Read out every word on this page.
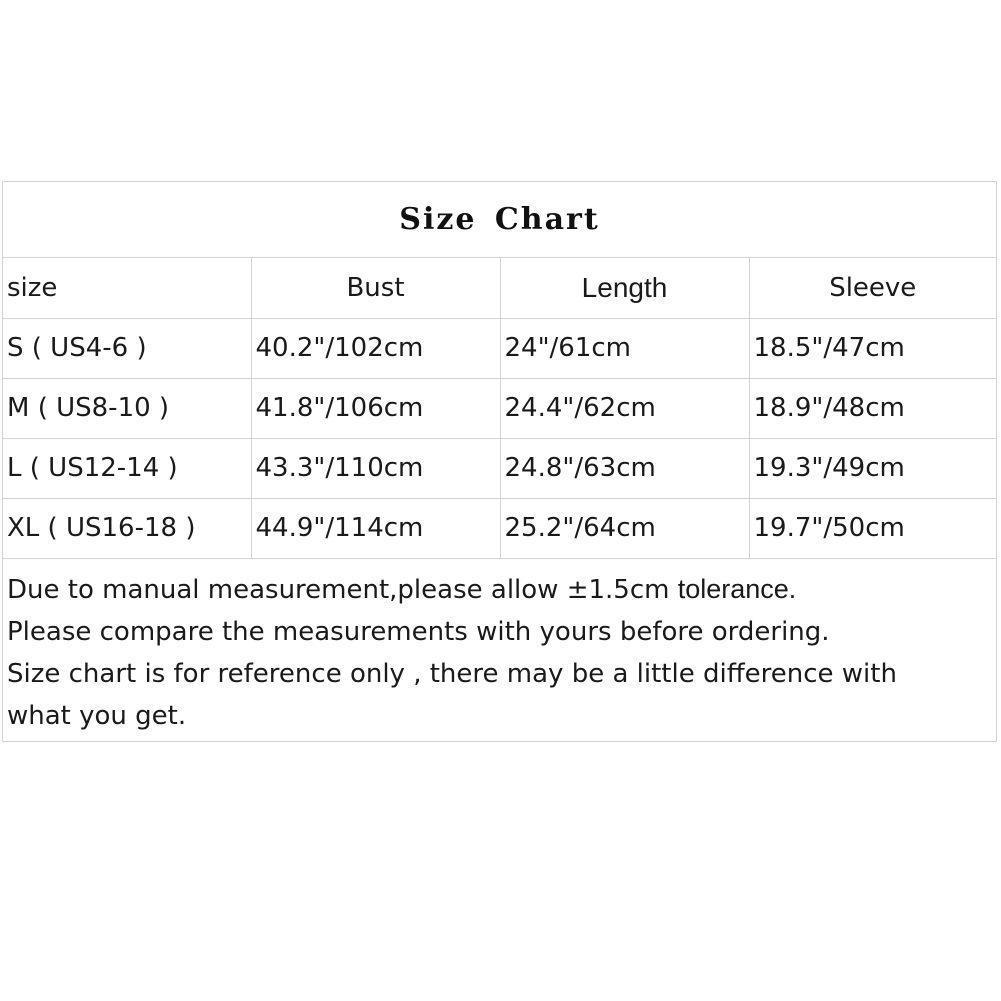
Size Chart
size	Bust	Length	Sleeve
S ( US4-6 )	40.2"/102cm	24"/61cm	18.5"/47cm
M ( US8-10 )	41.8"/106cm	24.4"/62cm	18.9"/48cm
L ( US12-14 )	43.3"/110cm	24.8"/63cm	19.3"/49cm
XL ( US16-18 )	44.9"/114cm	25.2"/64cm	19.7"/50cm
Due to manual measurement,please allow ±1.5cm tolerance.
Please compare the measurements with yours before ordering.
Size chart is for reference only , there may be a little difference with
what you get.
